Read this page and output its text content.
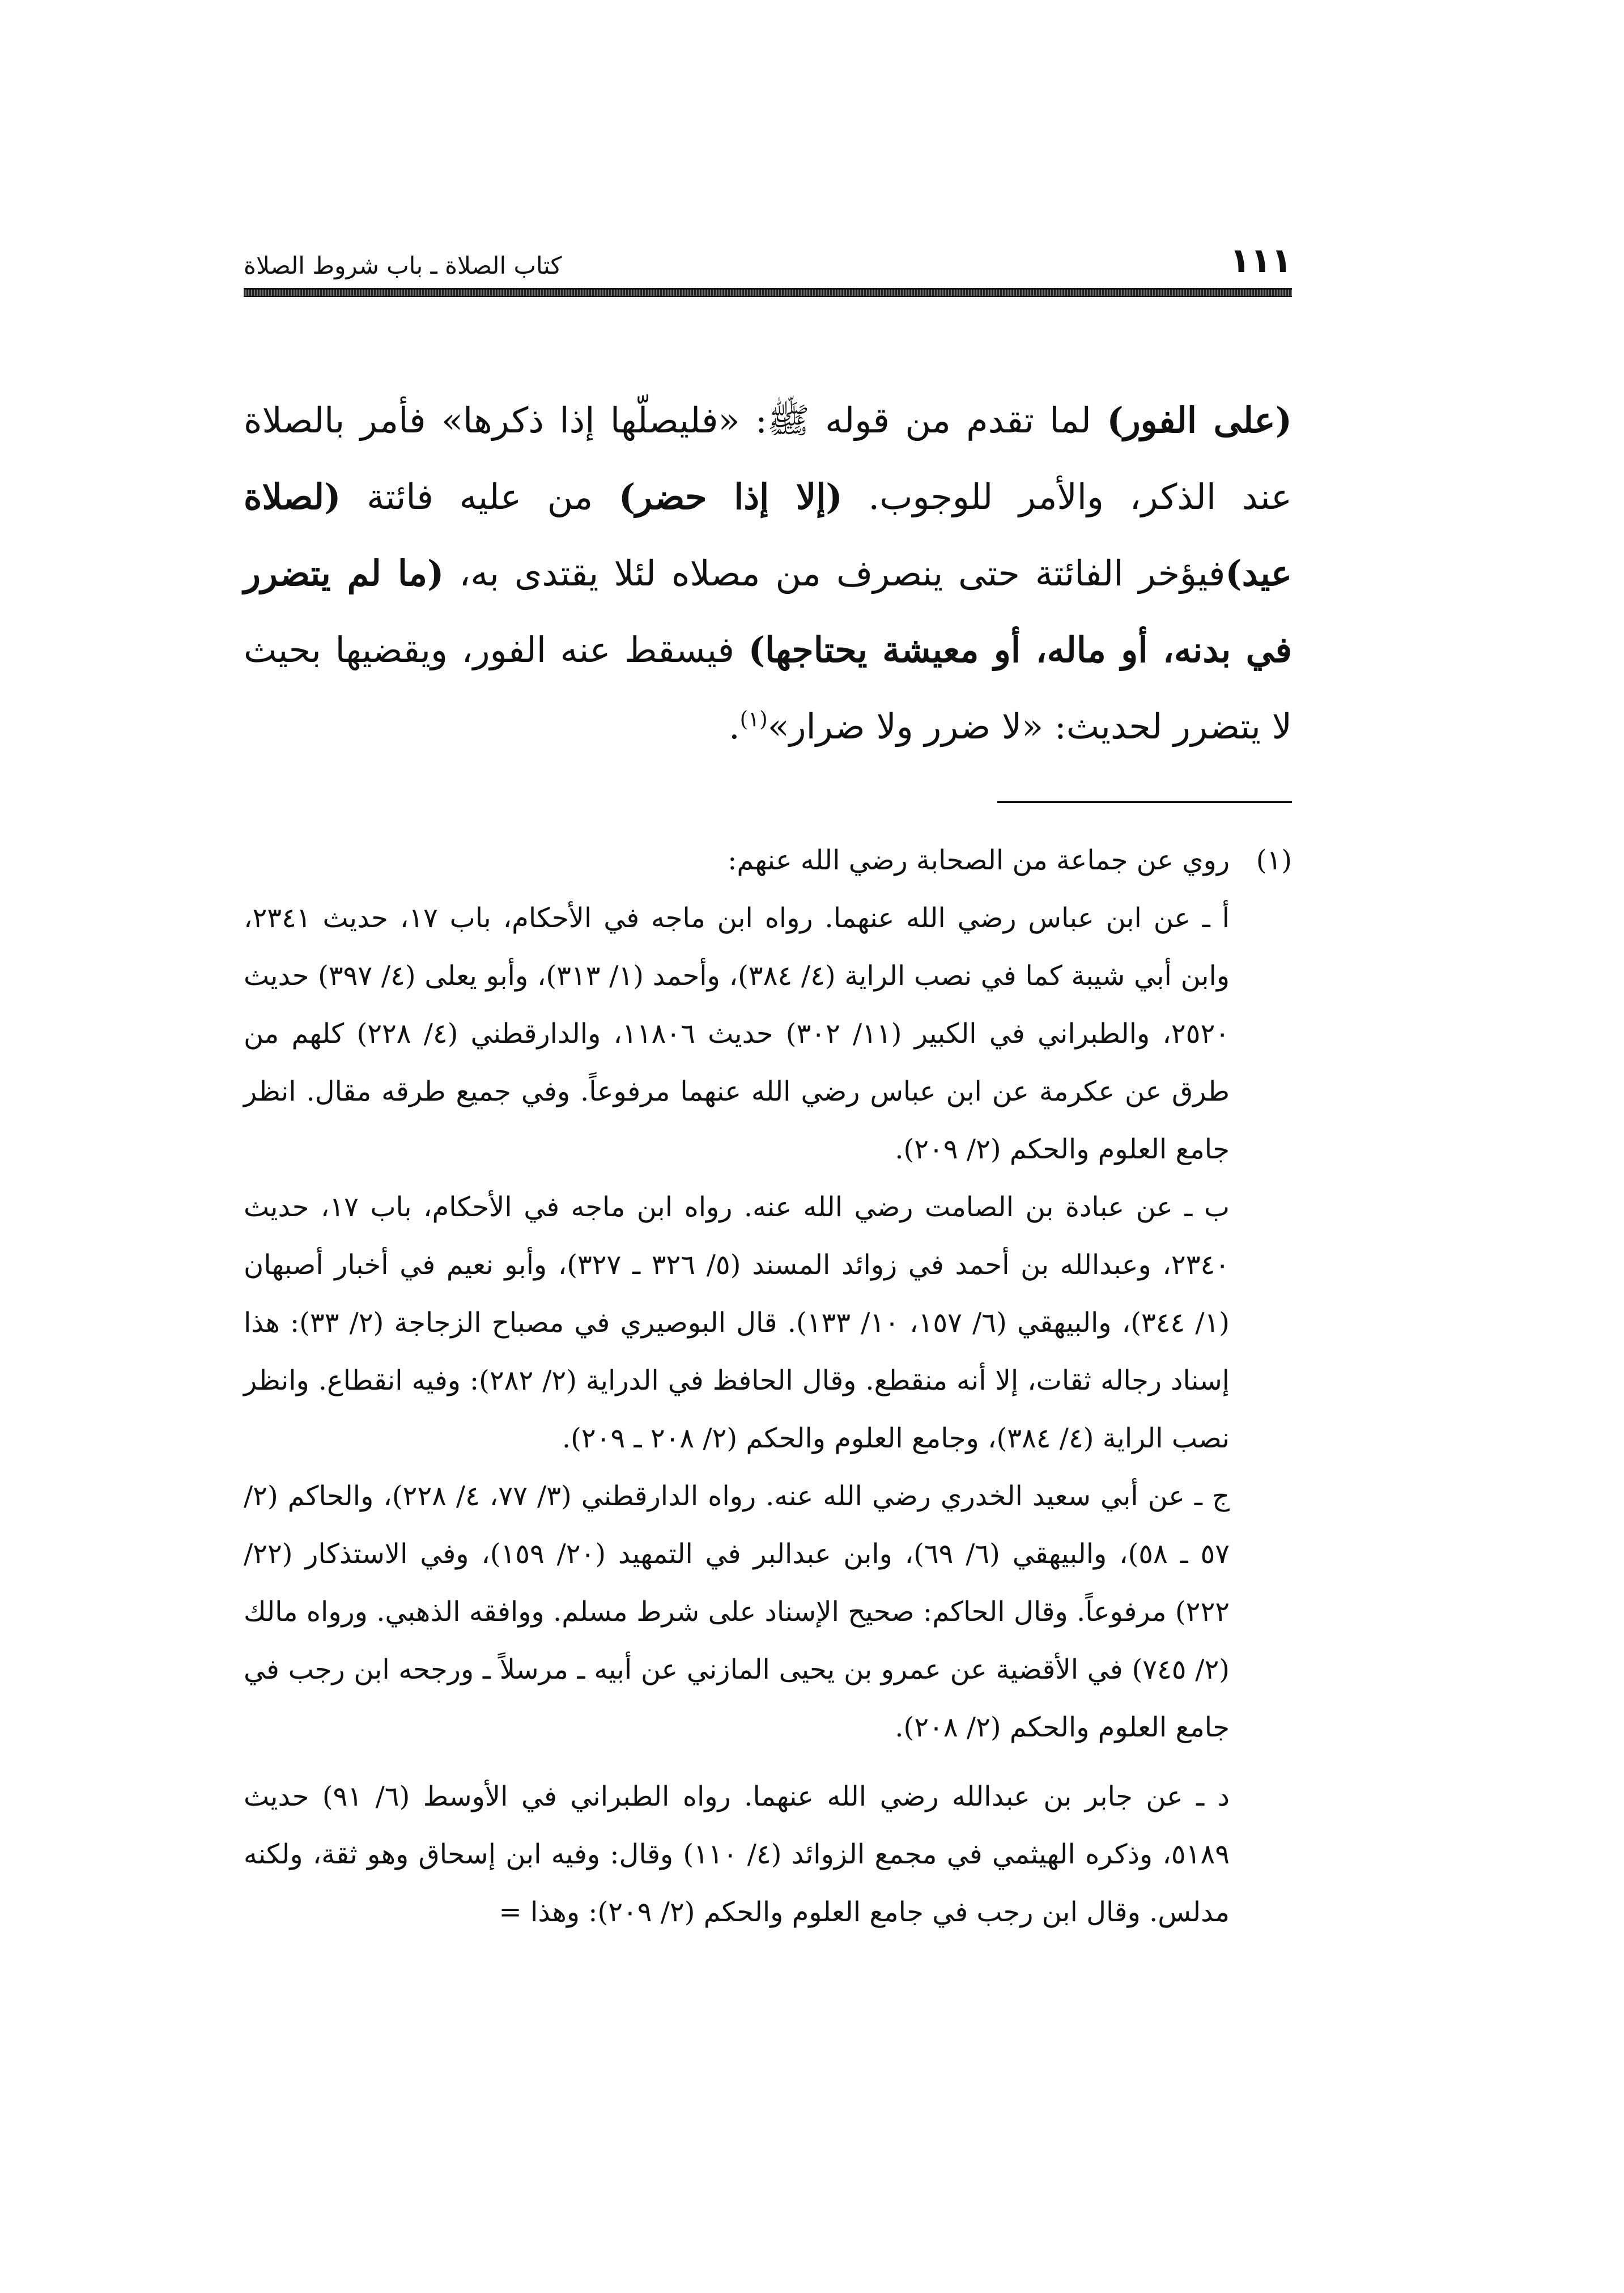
١١١
كتاب الصلاة ـ باب شروط الصلاة
(على الفور) لما تقدم من قوله ﷺ: «فليصلّها إذا ذكرها» فأمر بالصلاة عند الذكر، والأمر للوجوب. (إلا إذا حضر) من عليه فائتة (لصلاة عيد)فيؤخر الفائتة حتى ينصرف من مصلاه لئلا يقتدى به، (ما لم يتضرر في بدنه، أو ماله، أو معيشة يحتاجها) فيسقط عنه الفور، ويقضيها بحيث لا يتضرر لحديث: «لا ضرر ولا ضرار»$^{(١)}$.
(١)

روي عن جماعة من الصحابة رضي الله عنهم:

أ ـ عن ابن عباس رضي الله عنهما. رواه ابن ماجه في الأحكام، باب ١٧، حديث ٢٣٤١، وابن أبي شيبة كما في نصب الراية (٤/ ٣٨٤)، وأحمد (١/ ٣١٣)، وأبو يعلى (٤/ ٣٩٧) حديث ٢٥٢٠، والطبراني في الكبير (١١/ ٣٠٢) حديث ١١٨٠٦، والدارقطني (٤/ ٢٢٨) كلهم من طرق عن عكرمة عن ابن عباس رضي الله عنهما مرفوعاً. وفي جميع طرقه مقال. انظر جامع العلوم والحكم (٢/ ٢٠٩).

ب ـ عن عبادة بن الصامت رضي الله عنه. رواه ابن ماجه في الأحكام، باب ١٧، حديث ٢٣٤٠، وعبدالله بن أحمد في زوائد المسند (٥/ ٣٢٦ ـ ٣٢٧)، وأبو نعيم في أخبار أصبهان (١/ ٣٤٤)، والبيهقي (٦/ ١٥٧، ١٠/ ١٣٣). قال البوصيري في مصباح الزجاجة (٢/ ٣٣): هذا إسناد رجاله ثقات، إلا أنه منقطع. وقال الحافظ في الدراية (٢/ ٢٨٢): وفيه انقطاع. وانظر نصب الراية (٤/ ٣٨٤)، وجامع العلوم والحكم (٢/ ٢٠٨ ـ ٢٠٩).

ج ـ عن أبي سعيد الخدري رضي الله عنه. رواه الدارقطني (٣/ ٧٧، ٤/ ٢٢٨)، والحاكم (٢/ ٥٧ ـ ٥٨)، والبيهقي (٦/ ٦٩)، وابن عبدالبر في التمهيد (٢٠/ ١٥٩)، وفي الاستذكار (٢٢/ ٢٢٢) مرفوعاً. وقال الحاكم: صحيح الإسناد على شرط مسلم. ووافقه الذهبي. ورواه مالك (٢/ ٧٤٥) في الأقضية عن عمرو بن يحيى المازني عن أبيه ـ مرسلاً ـ ورجحه ابن رجب في جامع العلوم والحكم (٢/ ٢٠٨).

د ـ عن جابر بن عبدالله رضي الله عنهما. رواه الطبراني في الأوسط (٦/ ٩١) حديث ٥١٨٩، وذكره الهيثمي في مجمع الزوائد (٤/ ١١٠) وقال: وفيه ابن إسحاق وهو ثقة، ولكنه مدلس. وقال ابن رجب في جامع العلوم والحكم (٢/ ٢٠٩): وهذا =
